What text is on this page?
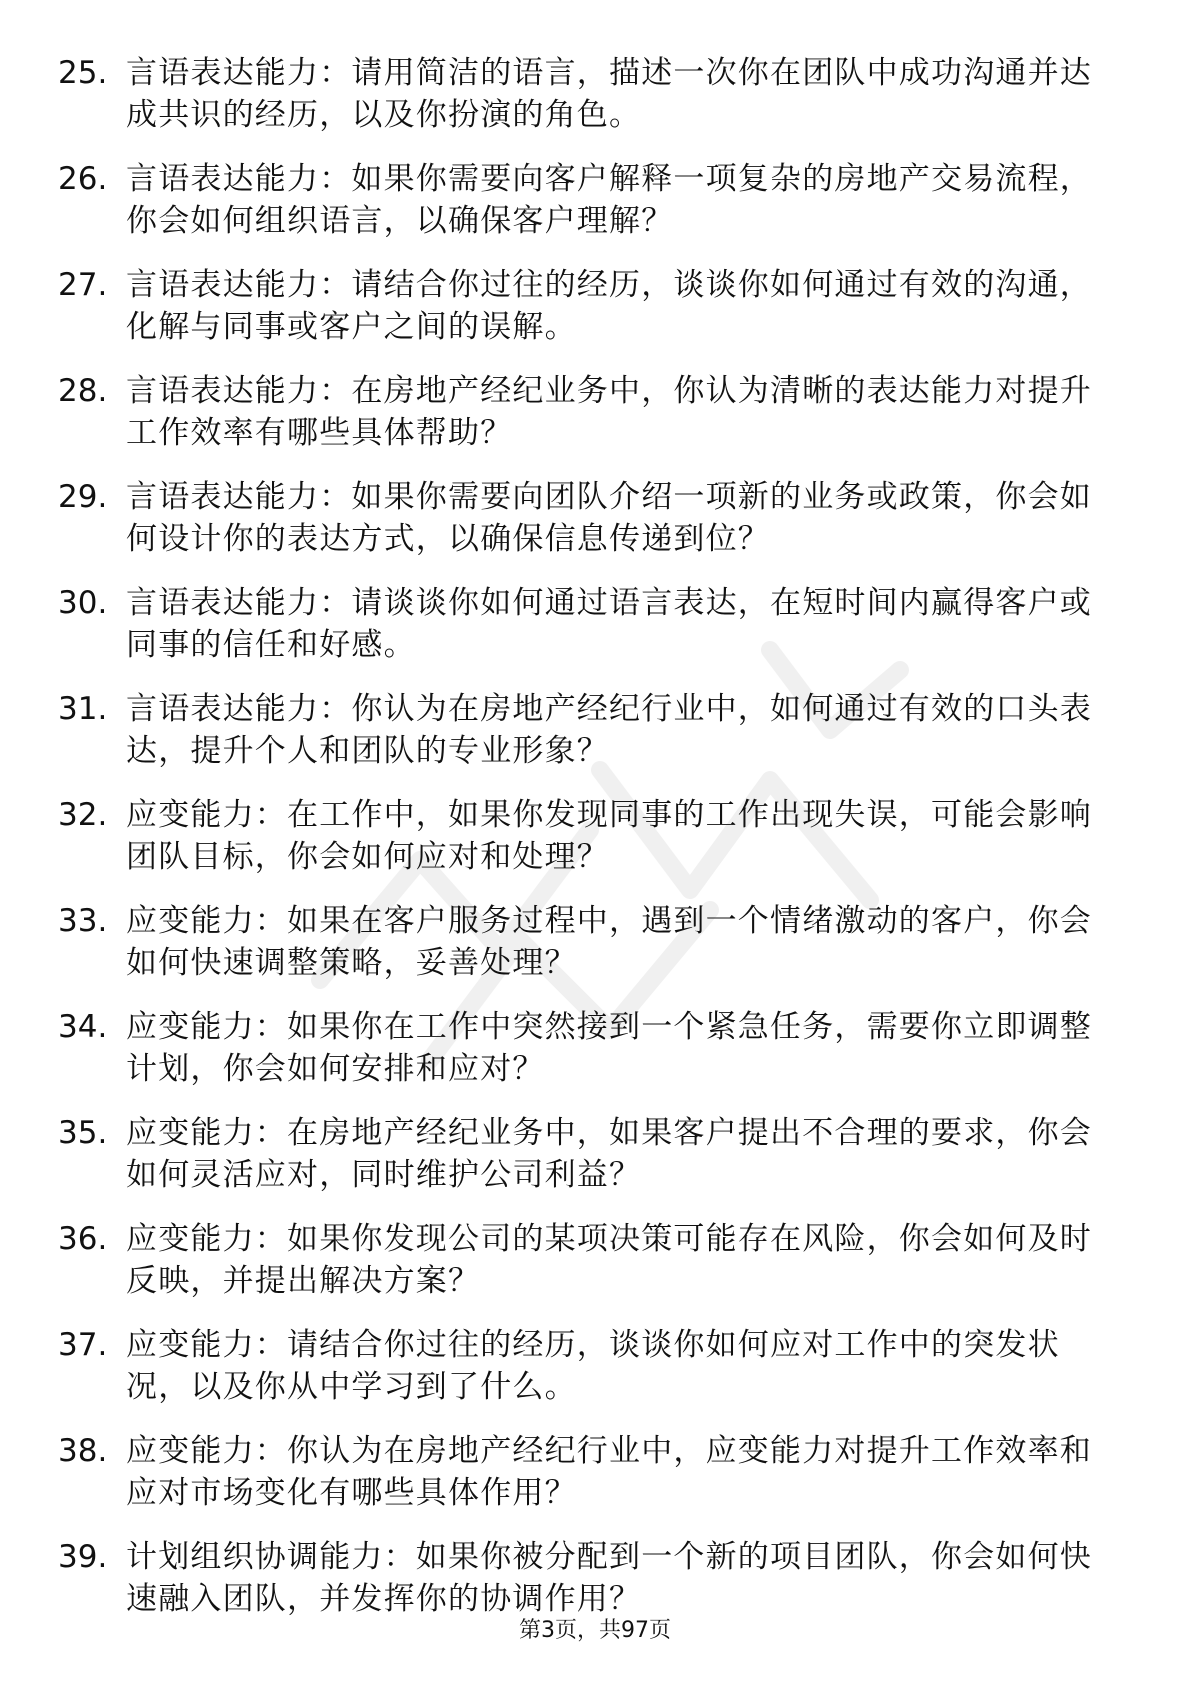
25. 言语表达能力：请用简洁的语言，描述一次你在团队中成功沟通并达成共识的经历，以及你扮演的角色。
26. 言语表达能力：如果你需要向客户解释一项复杂的房地产交易流程，你会如何组织语言，以确保客户理解？
27. 言语表达能力：请结合你过往的经历，谈谈你如何通过有效的沟通，化解与同事或客户之间的误解。
28. 言语表达能力：在房地产经纪业务中，你认为清晰的表达能力对提升工作效率有哪些具体帮助？
29. 言语表达能力：如果你需要向团队介绍一项新的业务或政策，你会如何设计你的表达方式，以确保信息传递到位？
30. 言语表达能力：请谈谈你如何通过语言表达，在短时间内赢得客户或同事的信任和好感。
31. 言语表达能力：你认为在房地产经纪行业中，如何通过有效的口头表达，提升个人和团队的专业形象？
32. 应变能力：在工作中，如果你发现同事的工作出现失误，可能会影响团队目标，你会如何应对和处理？
33. 应变能力：如果在客户服务过程中，遇到一个情绪激动的客户，你会如何快速调整策略，妥善处理？
34. 应变能力：如果你在工作中突然接到一个紧急任务，需要你立即调整计划，你会如何安排和应对？
35. 应变能力：在房地产经纪业务中，如果客户提出不合理的要求，你会如何灵活应对，同时维护公司利益？
36. 应变能力：如果你发现公司的某项决策可能存在风险，你会如何及时反映，并提出解决方案？
37. 应变能力：请结合你过往的经历，谈谈你如何应对工作中的突发状况，以及你从中学习到了什么。
38. 应变能力：你认为在房地产经纪行业中，应变能力对提升工作效率和应对市场变化有哪些具体作用？
39. 计划组织协调能力：如果你被分配到一个新的项目团队，你会如何快速融入团队，并发挥你的协调作用？
第3页，共97页
